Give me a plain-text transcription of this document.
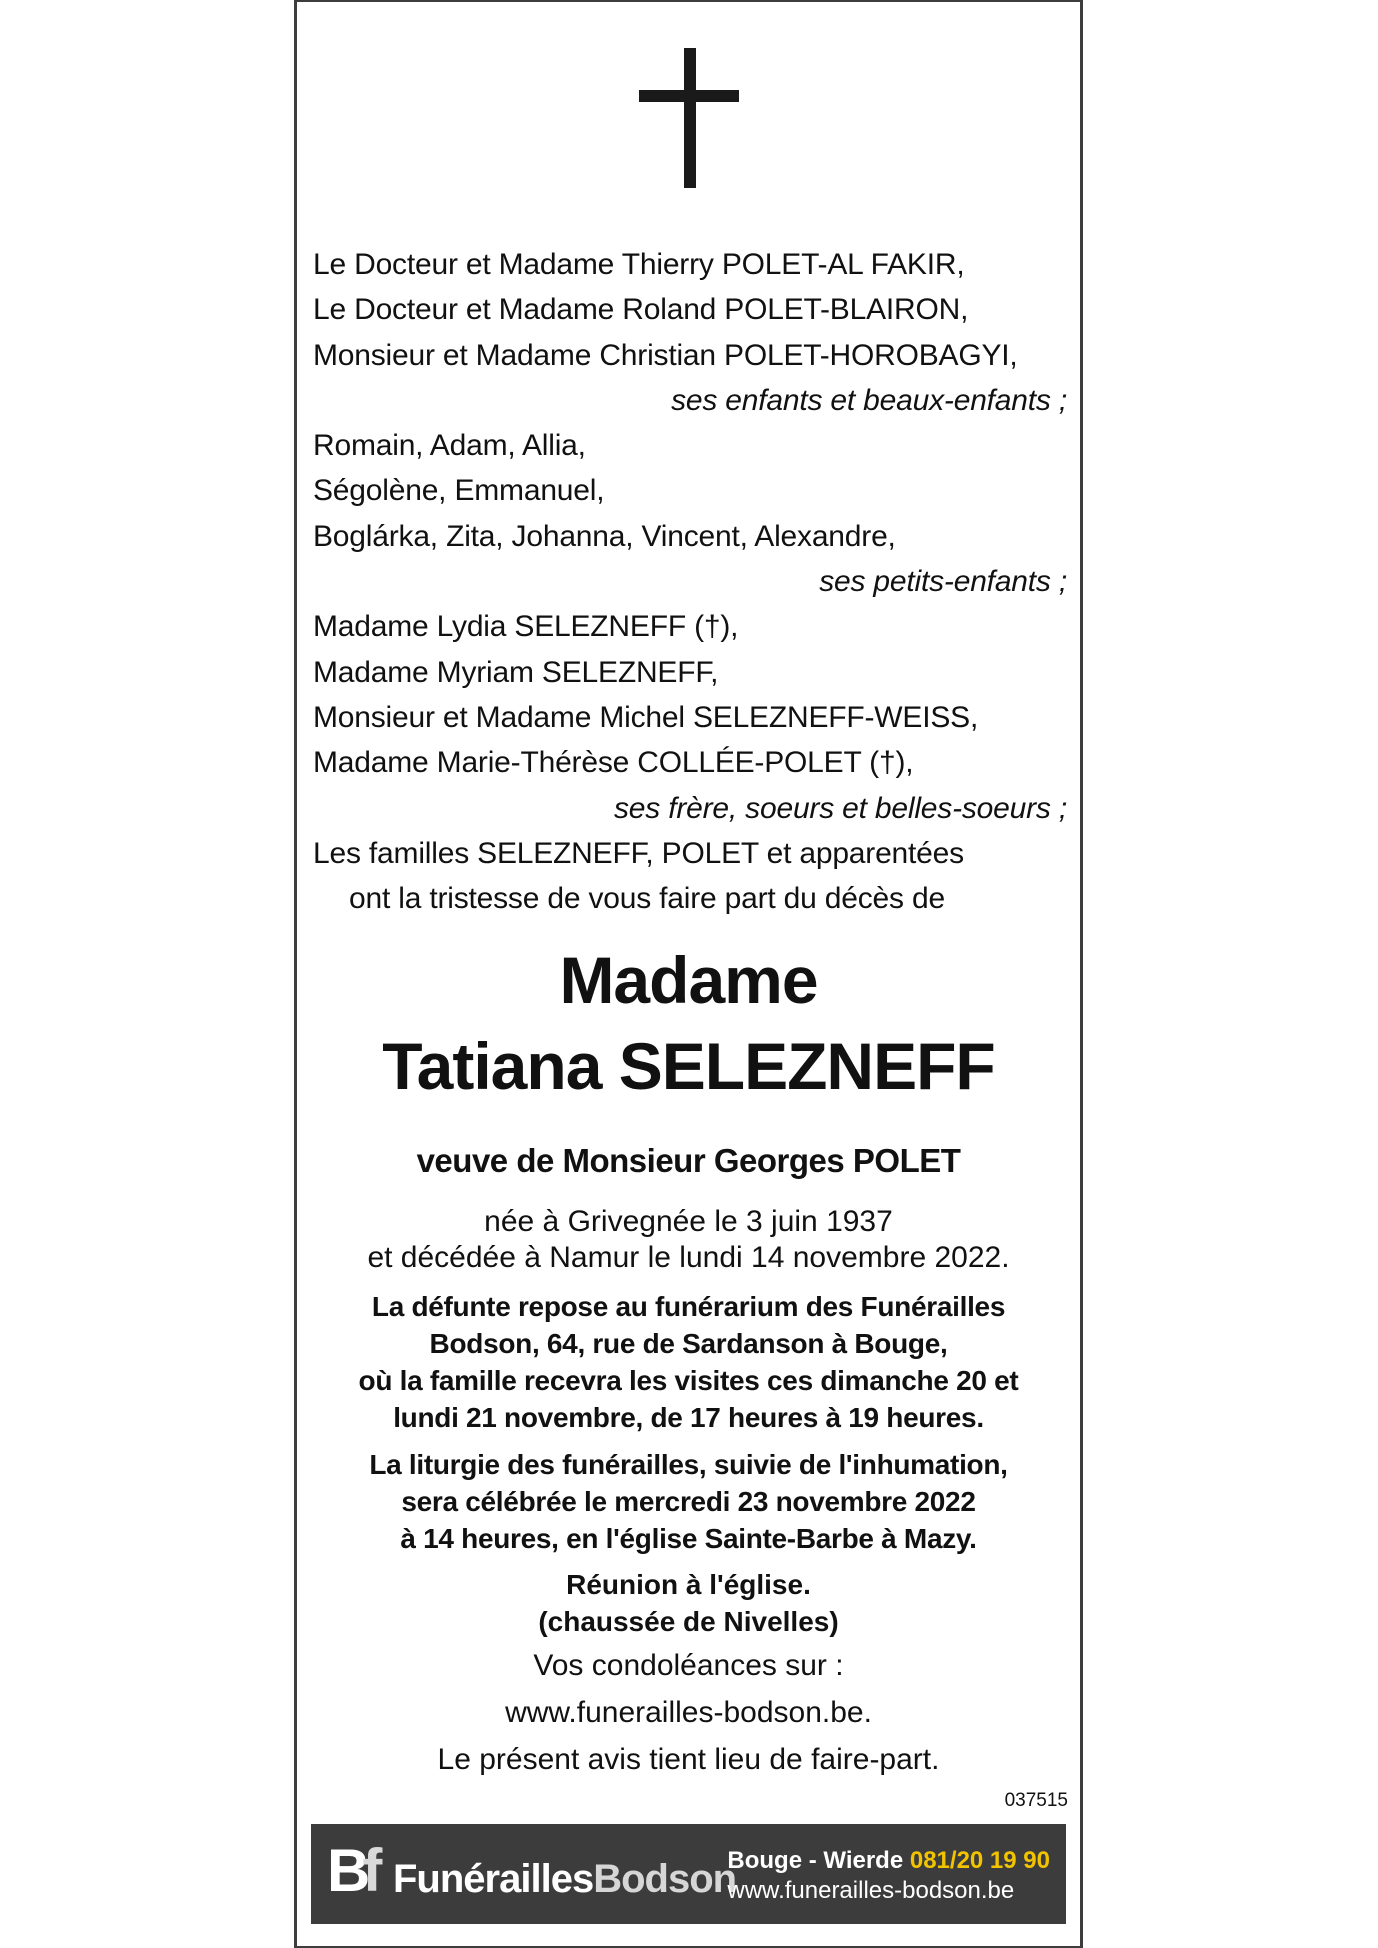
Le Docteur et Madame Thierry POLET-AL FAKIR,
Le Docteur et Madame Roland POLET-BLAIRON,
Monsieur et Madame Christian POLET-HOROBAGYI,
ses enfants et beaux-enfants ;
Romain, Adam, Allia,
Ségolène, Emmanuel,
Boglárka, Zita, Johanna, Vincent, Alexandre,
ses petits-enfants ;
Madame Lydia SELEZNEFF (†),
Madame Myriam SELEZNEFF,
Monsieur et Madame Michel SELEZNEFF-WEISS,
Madame Marie-Thérèse COLLÉE-POLET (†),
ses frère, soeurs et belles-soeurs ;
Les familles SELEZNEFF, POLET et apparentées
ont la tristesse de vous faire part du décès de
Madame
Tatiana SELEZNEFF
veuve de Monsieur Georges POLET
née à Grivegnée le 3 juin 1937
et décédée à Namur le lundi 14 novembre 2022.
La défunte repose au funérarium des Funérailles
Bodson, 64, rue de Sardanson à Bouge,
où la famille recevra les visites ces dimanche 20 et
lundi 21 novembre, de 17 heures à 19 heures.
La liturgie des funérailles, suivie de l'inhumation,
sera célébrée le mercredi 23 novembre 2022
à 14 heures, en l'église Sainte-Barbe à Mazy.
Réunion à l'église.
(chaussée de Nivelles)
Vos condoléances sur :
www.funerailles-bodson.be.
Le présent avis tient lieu de faire-part.
037515
Bf FunéraillesBodson
Bouge - Wierde 081/20 19 90
www.funerailles-bodson.be
